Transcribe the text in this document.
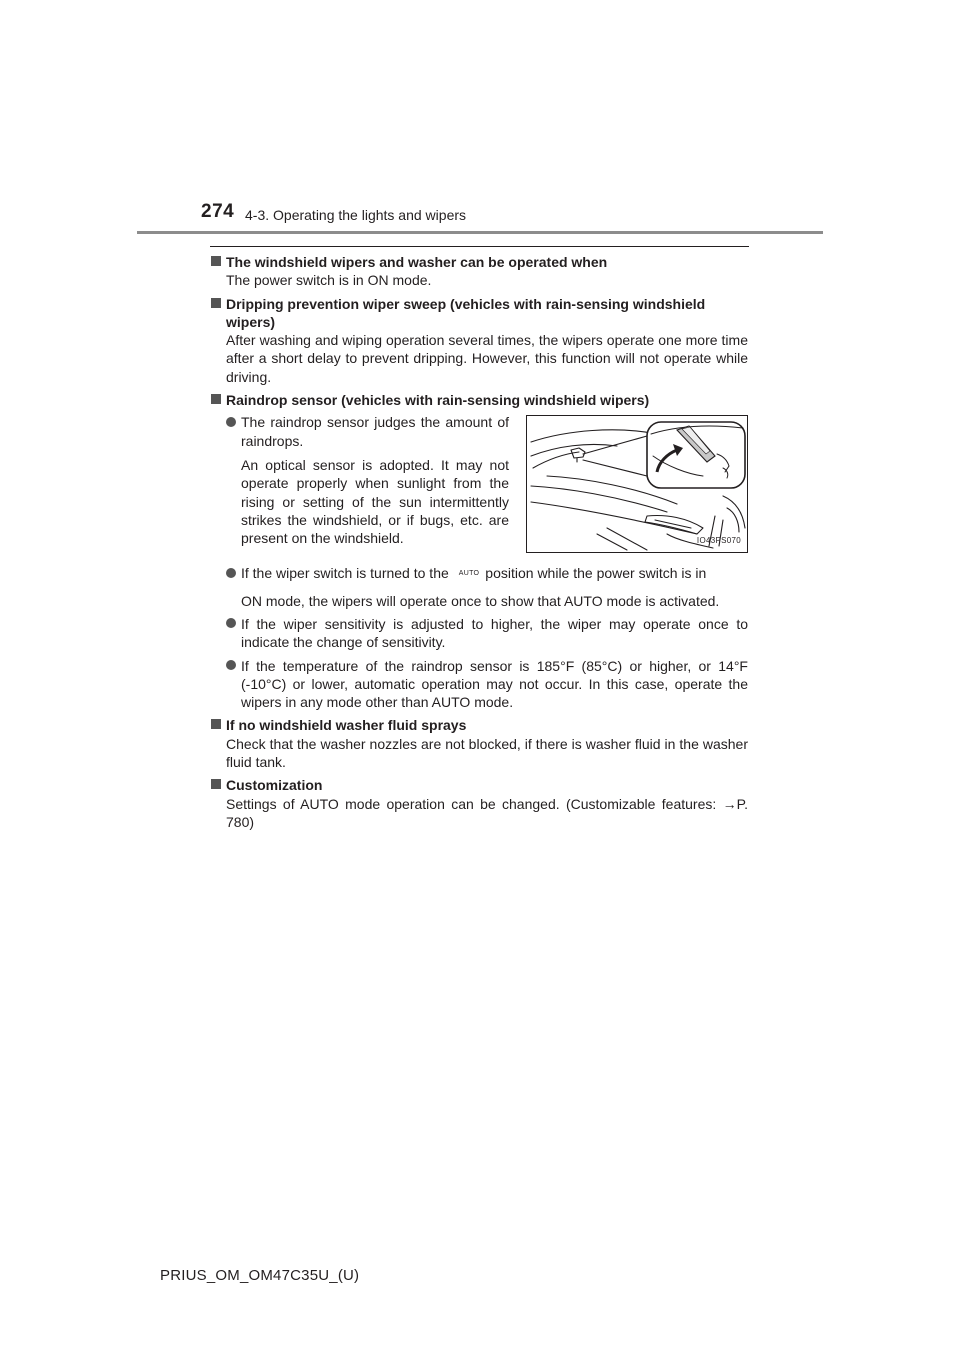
274 4-3. Operating the lights and wipers
The windshield wipers and washer can be operated when
The power switch is in ON mode.
Dripping prevention wiper sweep (vehicles with rain-sensing windshield wipers)
After washing and wiping operation several times, the wipers operate one more time after a short delay to prevent dripping. However, this function will not operate while driving.
Raindrop sensor (vehicles with rain-sensing windshield wipers)
The raindrop sensor judges the amount of raindrops.
An optical sensor is adopted. It may not operate properly when sunlight from the rising or setting of the sun intermittently strikes the windshield, or if bugs, etc. are present on the windshield.	IO43PS070
If the wiper switch is turned to the $^{AUTO}$ position while the power switch is in
ON mode, the wipers will operate once to show that AUTO mode is activated.
If the wiper sensitivity is adjusted to higher, the wiper may operate once to indicate the change of sensitivity.
If the temperature of the raindrop sensor is 185°F (85°C) or higher, or 14°F (-10°C) or lower, automatic operation may not occur. In this case, operate the wipers in any mode other than AUTO mode.
If no windshield washer fluid sprays
Check that the washer nozzles are not blocked, if there is washer fluid in the washer fluid tank.
Customization
Settings of AUTO mode operation can be changed. (Customizable features: →P. 780)
PRIUS_OM_OM47C35U_(U)
